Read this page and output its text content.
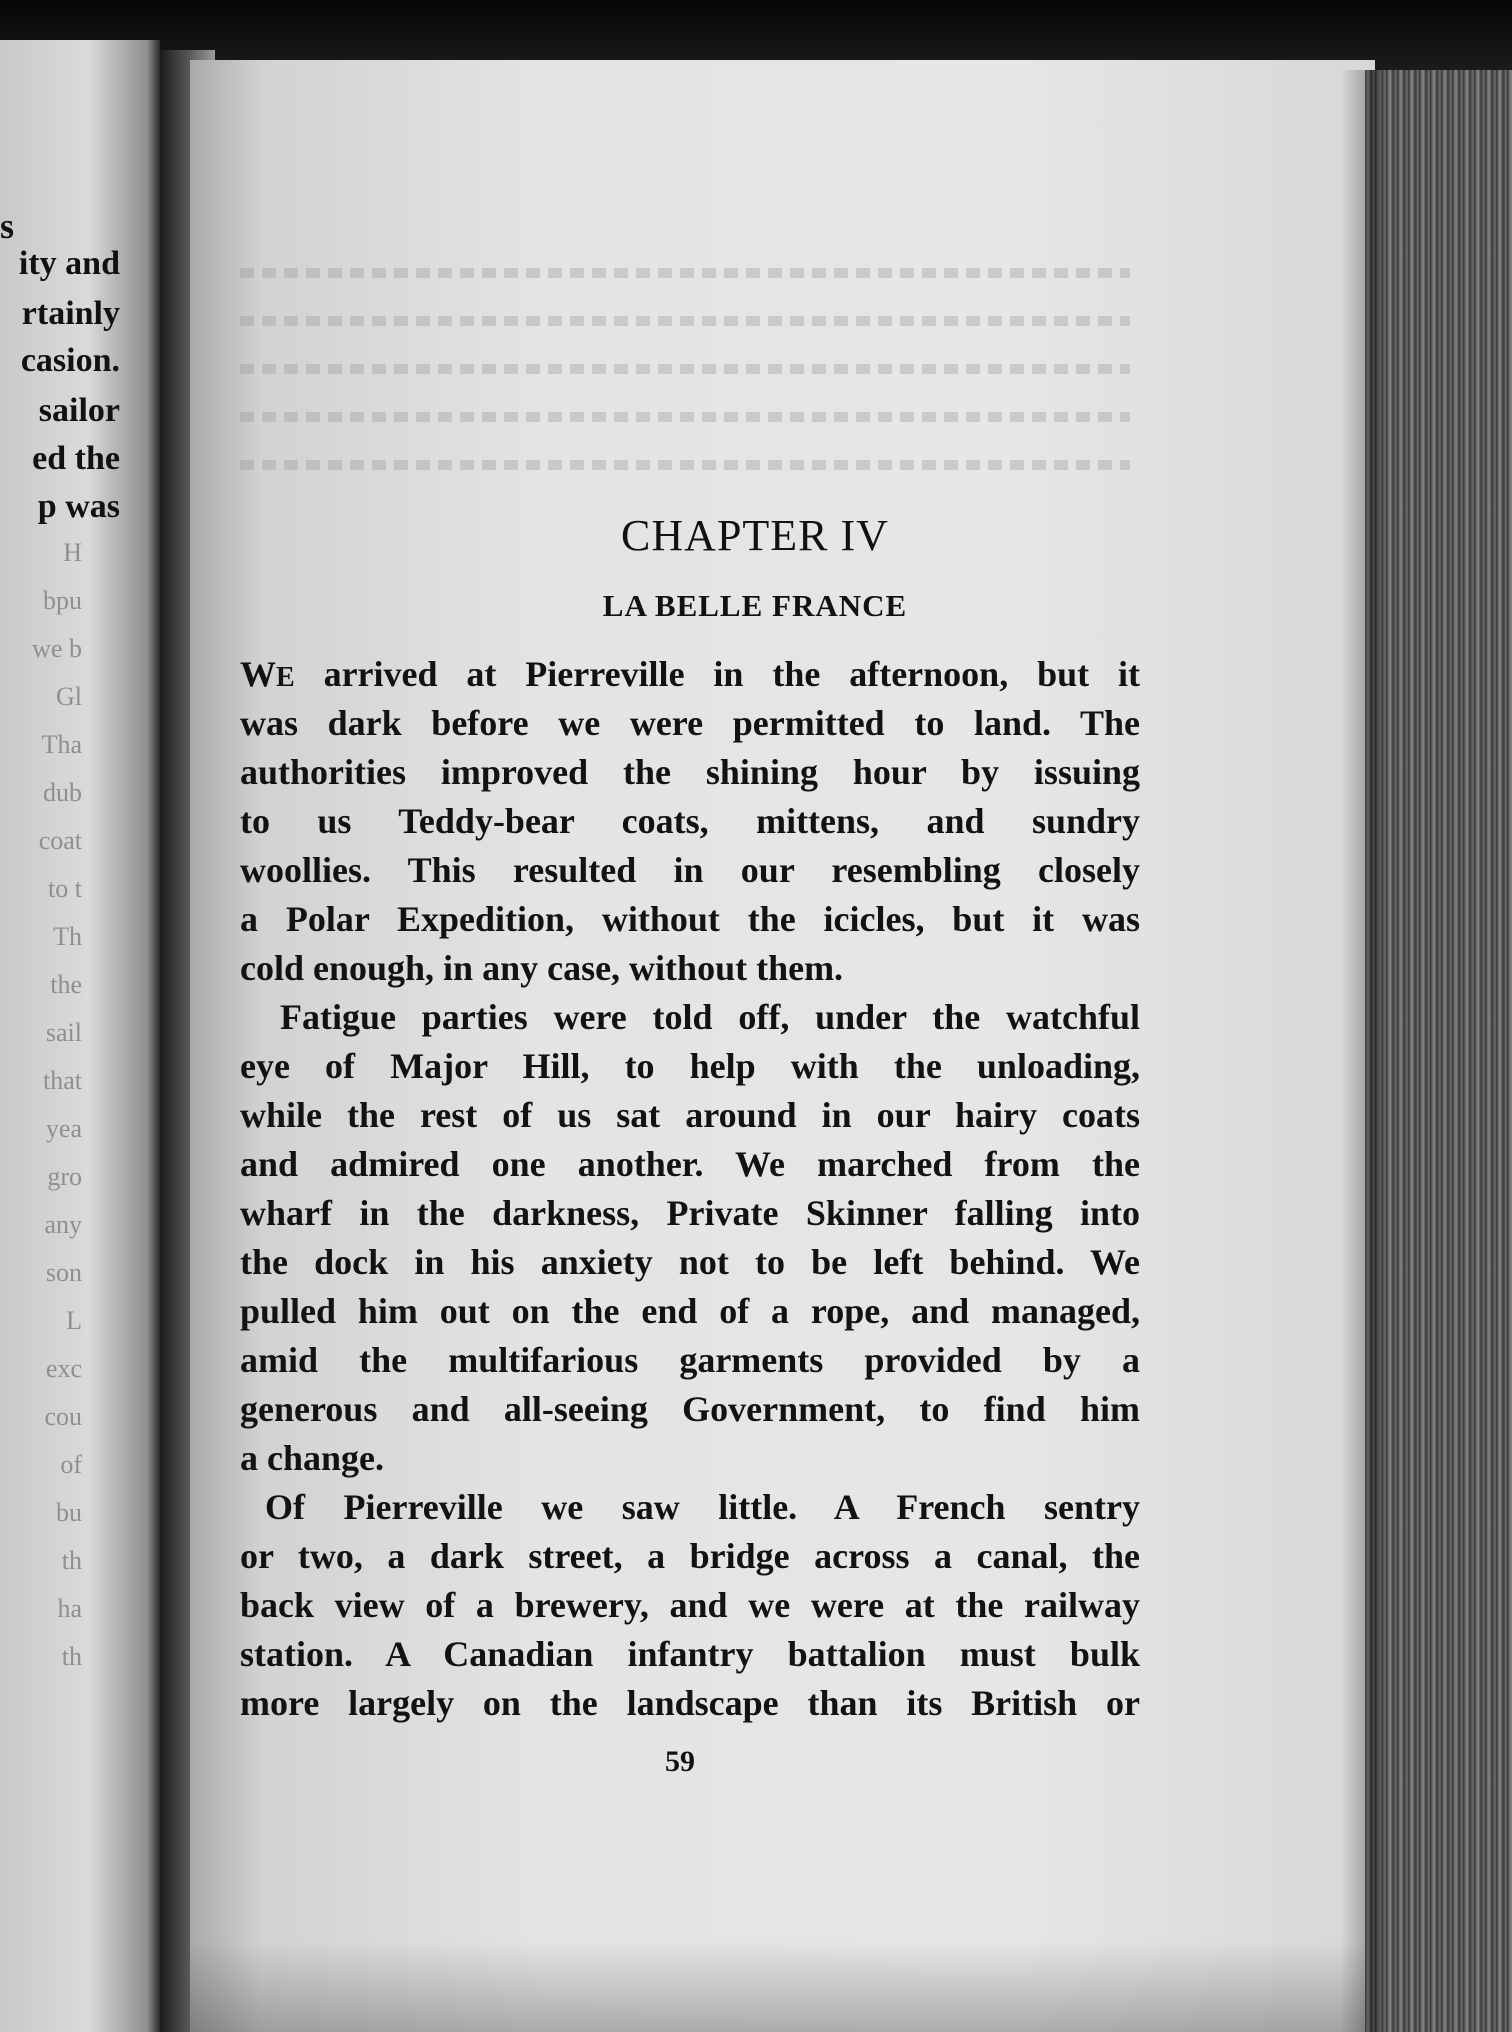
s
ity and
rtainly
casion.
sailor
ed the
p was
H
bpu
we b
Gl
Tha
dub
coat
to t
Th
the
sail
that
yea
gro
any
son
L
exc
cou
of
bu
th
ha
th
CHAPTER IV
LA BELLE FRANCE
WE arrived at Pierreville in the afternoon, but it
was dark before we were permitted to land. The
authorities improved the shining hour by issuing
to us Teddy-bear coats, mittens, and sundry
woollies. This resulted in our resembling closely
a Polar Expedition, without the icicles, but it was
cold enough, in any case, without them.
Fatigue parties were told off, under the watchful
eye of Major Hill, to help with the unloading,
while the rest of us sat around in our hairy coats
and admired one another. We marched from the
wharf in the darkness, Private Skinner falling into
the dock in his anxiety not to be left behind. We
pulled him out on the end of a rope, and managed,
amid the multifarious garments provided by a
generous and all-seeing Government, to find him
a change.
Of Pierreville we saw little. A French sentry
or two, a dark street, a bridge across a canal, the
back view of a brewery, and we were at the railway
station. A Canadian infantry battalion must bulk
more largely on the landscape than its British or
59
